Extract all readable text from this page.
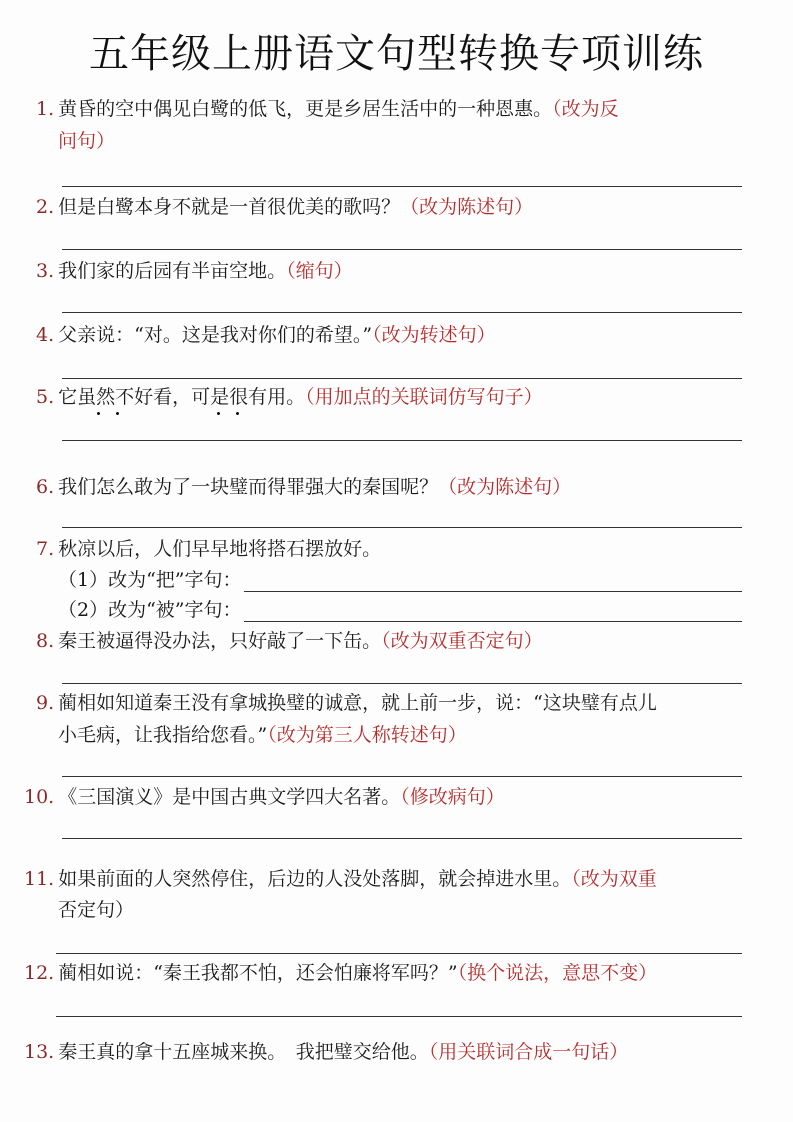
五年级上册语文句型转换专项训练
1. 黄昏的空中偶见白鹭的低飞，更是乡居生活中的一种恩惠。（改为反
问句）
2. 但是白鹭本身不就是一首很优美的歌吗？（改为陈述句）
3. 我们家的后园有半亩空地。（缩句）
4. 父亲说：“对。这是我对你们的希望。”（改为转述句）
5. 它虽然不好看，可是很有用。（用加点的关联词仿写句子）
6. 我们怎么敢为了一块璧而得罪强大的秦国呢？（改为陈述句）
7. 秋凉以后，人们早早地将搭石摆放好。
（1）改为“把”字句：
（2）改为“被”字句：
8. 秦王被逼得没办法，只好敲了一下缶。（改为双重否定句）
9. 蔺相如知道秦王没有拿城换璧的诚意，就上前一步，说：“这块璧有点儿
小毛病，让我指给您看。”（改为第三人称转述句）
10. 《三国演义》是中国古典文学四大名著。（修改病句）
11. 如果前面的人突然停住，后边的人没处落脚，就会掉进水里。（改为双重
否定句）
12. 蔺相如说：“秦王我都不怕，还会怕廉将军吗？”（换个说法，意思不变）
13. 秦王真的拿十五座城来换。　我把璧交给他。（用关联词合成一句话）
